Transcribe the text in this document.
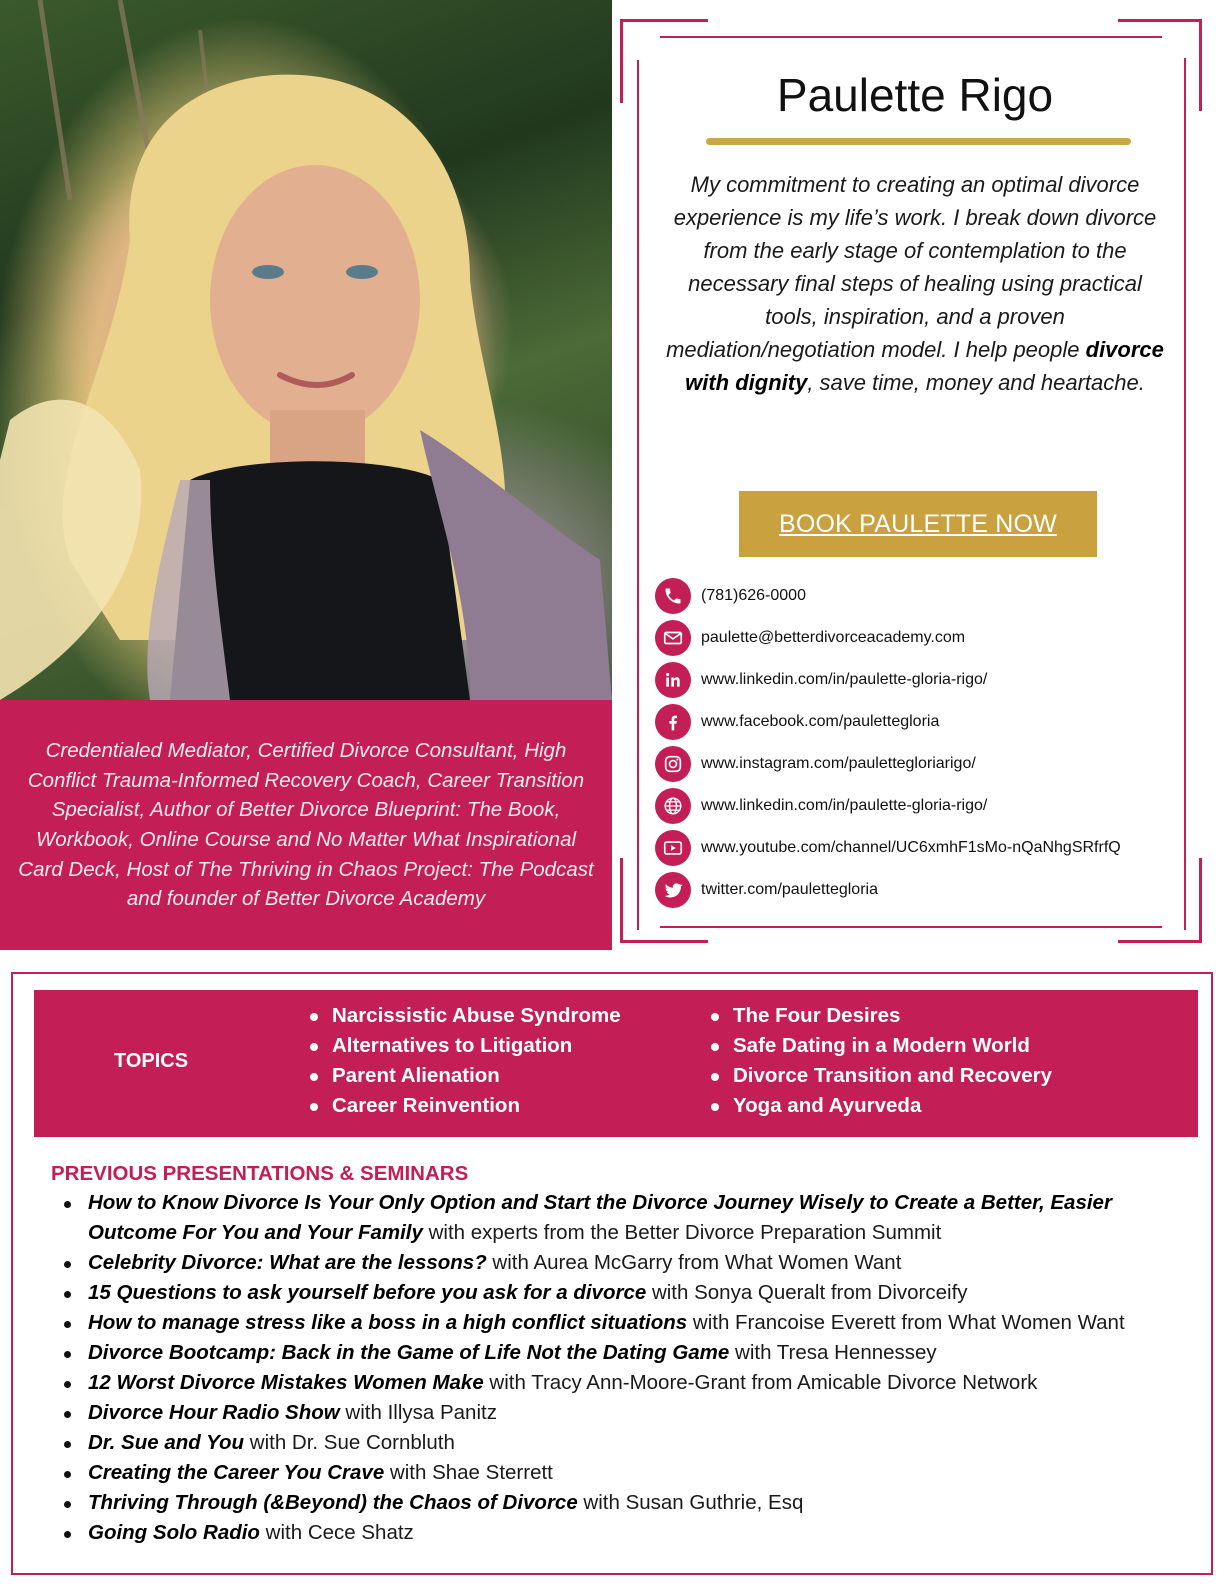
Credentialed Mediator, Certified Divorce Consultant, High Conflict Trauma-Informed Recovery Coach, Career Transition Specialist, Author of Better Divorce Blueprint: The Book, Workbook, Online Course and No Matter What Inspirational Card Deck, Host of The Thriving in Chaos Project: The Podcast and founder of Better Divorce Academy

Paulette Rigo
My commitment to creating an optimal divorce experience is my life’s work. I break down divorce from the early stage of contemplation to the necessary final steps of healing using practical tools, inspiration, and a proven mediation/negotiation model. I help people divorce with dignity, save time, money and heartache.
BOOK PAULETTE NOW
(781)626-0000
paulette@betterdivorceacademy.com
www.linkedin.com/in/paulette-gloria-rigo/
www.facebook.com/pauletteglori‌a
www.instagram.com/pauletteglori‌arigo/
www.linkedin.com/in/paulette-gloria-rigo/
www.youtube.com/channel/UC6xmhF1sMo-nQaNhgSRfrfQ
twitter.com/paulettegloria
TOPICS
Narcissistic Abuse Syndrome
Alternatives to Litigation
Parent Alienation
Career Reinvention
The Four Desires
Safe Dating in a Modern World
Divorce Transition and Recovery
Yoga and Ayurveda
PREVIOUS PRESENTATIONS & SEMINARS
How to Know Divorce Is Your Only Option and Start the Divorce Journey Wisely to Create a Better, Easier Outcome For You and Your Family with experts from the Better Divorce Preparation Summit
Celebrity Divorce: What are the lessons? with Aurea McGarry from What Women Want
15 Questions to ask yourself before you ask for a divorce with Sonya Queralt from Divorceify
How to manage stress like a boss in a high conflict situations with Francoise Everett from What Women Want
Divorce Bootcamp: Back in the Game of Life Not the Dating Game with Tresa Hennessey
12 Worst Divorce Mistakes Women Make with Tracy Ann-Moore-Grant from Amicable Divorce Network
Divorce Hour Radio Show with Illysa Panitz
Dr. Sue and You with Dr. Sue Cornbluth
Creating the Career You Crave with Shae Sterrett
Thriving Through (&Beyond) the Chaos of Divorce with Susan Guthrie, Esq
Going Solo Radio with Cece Shatz
